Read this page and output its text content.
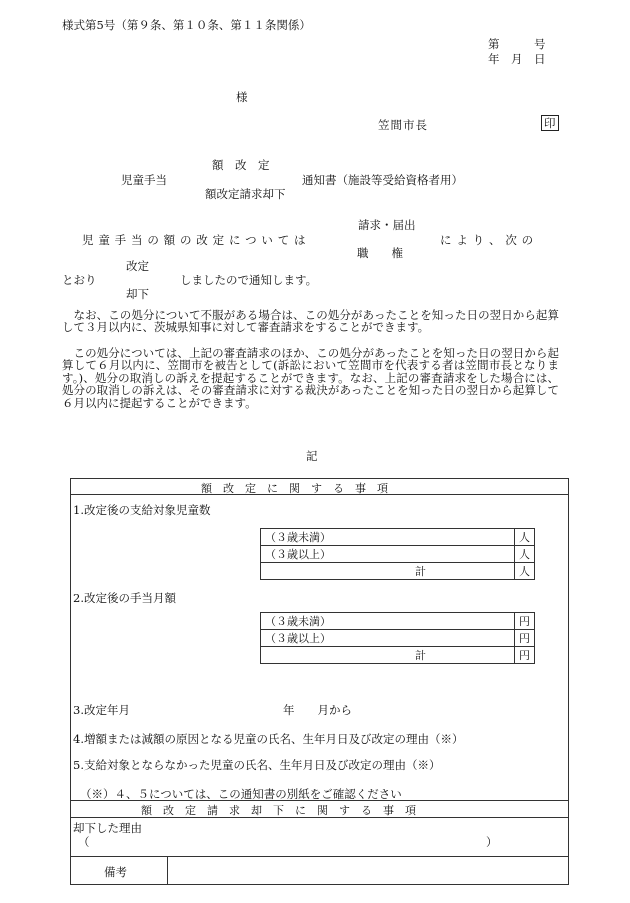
様式第5号（第９条、第１０条、第１１条関係）
第　　　号
年　月　日
様
笠間市長	印
額　改　定
児童手当	通知書（施設等受給資格者用）
額改定請求却下
請求・届出
児童手当の額の改定については	により、次の
職　　権
改定
とおり	しましたので通知します。
却下
なお、この処分について不服がある場合は、この処分があったことを知った日の翌日から起算して３月以内に、茨城県知事に対して審査請求をすることができます。
この処分については、上記の審査請求のほか、この処分があったことを知った日の翌日から起算して６月以内に、笠間市を被告として(訴訟において笠間市を代表する者は笠間市長となります。)、処分の取消しの訴えを提起することができます。なお、上記の審査請求をした場合には、処分の取消しの訴えは、その審査請求に対する裁決があったことを知った日の翌日から起算して６月以内に提起することができます。
記
額　改　定　に　関　す　る　事　項
1.改定後の支給対象児童数
（３歳未満）	人
（３歳以上）	人
計	人
2.改定後の手当月額
（３歳未満）	円
（３歳以上）	円
計	円
3.改定年月	年　　月から
4.増額または減額の原因となる児童の氏名、生年月日及び改定の理由（※）
5.支給対象とならなかった児童の氏名、生年月日及び改定の理由（※）
（※）４、５については、この通知書の別紙をご確認ください
額　改　定　請　求　却　下　に　関　す　る　事　項
却下した理由
（	）
備考
